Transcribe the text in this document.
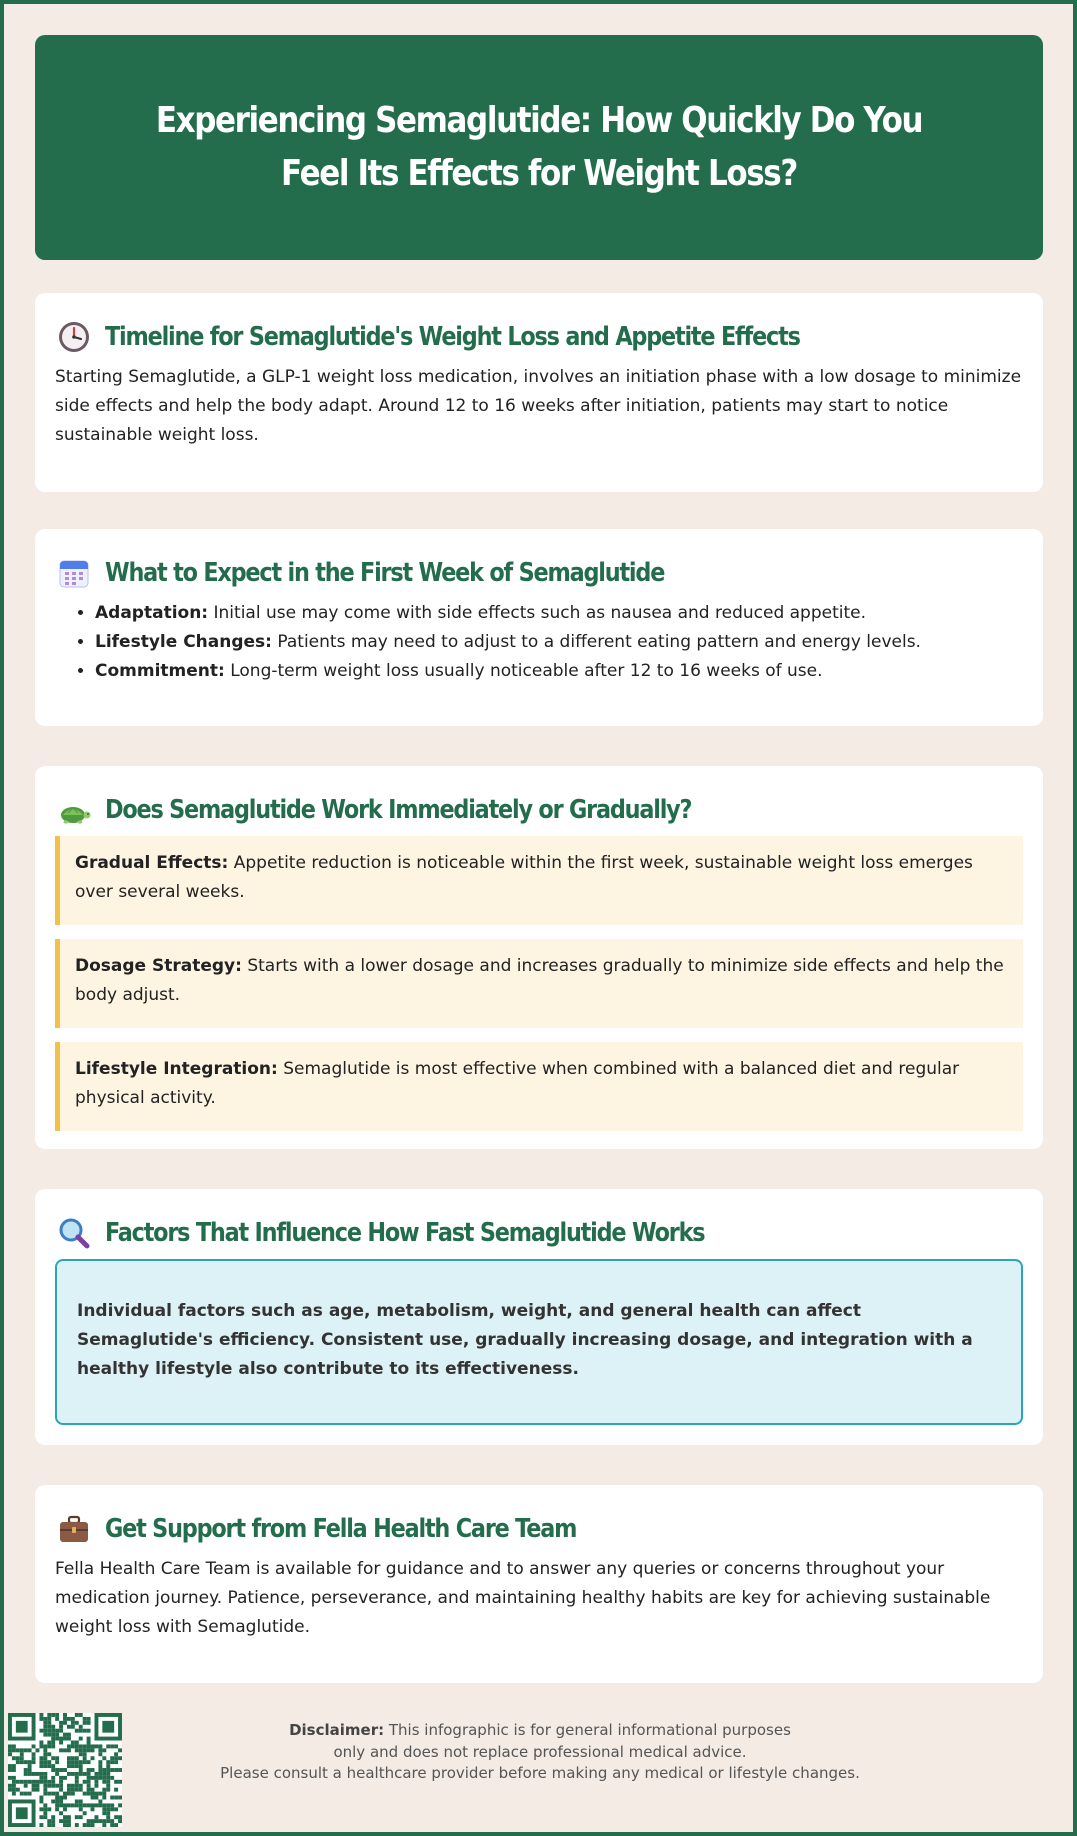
Experiencing Semaglutide: How Quickly Do You Feel Its Effects for Weight Loss?
Timeline for Semaglutide's Weight Loss and Appetite Effects

Starting Semaglutide, a GLP-1 weight loss medication, involves an initiation phase with a low dosage to minimize side effects and help the body adapt. Around 12 to 16 weeks after initiation, patients may start to notice sustainable weight loss.

What to Expect in the First Week of Semaglutide
• Adaptation: Initial use may come with side effects such as nausea and reduced appetite.
• Lifestyle Changes: Patients may need to adjust to a different eating pattern and energy levels.
• Commitment: Long-term weight loss usually noticeable after 12 to 16 weeks of use.
Does Semaglutide Work Immediately or Gradually?
Gradual Effects: Appetite reduction is noticeable within the first week, sustainable weight loss emerges over several weeks.
Dosage Strategy: Starts with a lower dosage and increases gradually to minimize side effects and help the body adjust.
Lifestyle Integration: Semaglutide is most effective when combined with a balanced diet and regular physical activity.
Factors That Influence How Fast Semaglutide Works
Individual factors such as age, metabolism, weight, and general health can affect Semaglutide's efficiency. Consistent use, gradually increasing dosage, and integration with a healthy lifestyle also contribute to its effectiveness.
Get Support from Fella Health Care Team

Fella Health Care Team is available for guidance and to answer any queries or concerns throughout your medication journey. Patience, perseverance, and maintaining healthy habits are key for achieving sustainable weight loss with Semaglutide.

Disclaimer: This infographic is for general informational purposes
only and does not replace professional medical advice.
Please consult a healthcare provider before making any medical or lifestyle changes.
